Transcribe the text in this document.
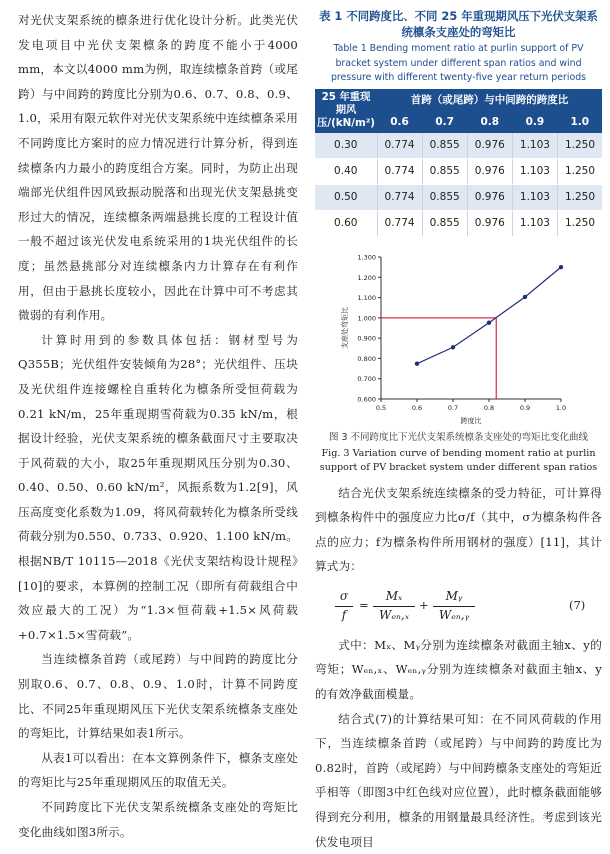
对光伏支架系统的檩条进行优化设计分析。此类光伏发电项目中光伏支架檩条的跨度不能小于4000 mm，本文以4000 mm为例，取连续檩条首跨（或尾跨）与中间跨的跨度比分别为0.6、0.7、0.8、0.9、1.0，采用有限元软件对光伏支架系统中连续檩条采用不同跨度比方案时的应力情况进行计算分析，得到连续檩条内力最小的跨度组合方案。同时，为防止出现端部光伏组件因风致振动脱落和出现光伏支架悬挑变形过大的情况，连续檩条两端悬挑长度的工程设计值一般不超过该光伏发电系统采用的1块光伏组件的长度；虽然悬挑部分对连续檩条内力计算存在有利作用，但由于悬挑长度较小，因此在计算中可不考虑其微弱的有利作用。

计算时用到的参数具体包括：钢材型号为Q355B；光伏组件安装倾角为28°；光伏组件、压块及光伏组件连接螺栓自重转化为檩条所受恒荷载为0.21 kN/m，25年重现期雪荷载为0.35 kN/m，根据设计经验，光伏支架系统的檩条截面尺寸主要取决于风荷载的大小，取25年重现期风压分别为0.30、0.40、0.50、0.60 kN/m²，风振系数为1.2[9]，风压高度变化系数为1.09，将风荷载转化为檩条所受线荷载分别为0.550、0.733、0.920、1.100 kN/m。根据NB/T 10115—2018《光伏支架结构设计规程》[10]的要求，本算例的控制工况（即所有荷载组合中效应最大的工况）为“1.3×恒荷载+1.5×风荷载+0.7×1.5×雪荷载”。

当连续檩条首跨（或尾跨）与中间跨的跨度比分别取0.6、0.7、0.8、0.9、1.0时，计算不同跨度比、不同25年重现期风压下光伏支架系统檩条支座处的弯矩比，计算结果如表1所示。

从表1可以看出：在本文算例条件下，檩条支座处的弯矩比与25年重现期风压的取值无关。

不同跨度比下光伏支架系统檩条支座处的弯矩比变化曲线如图3所示。

表 1 不同跨度比、不同 25 年重现期风压下光伏支架系统檩条支座处的弯矩比

Table 1 Bending moment ratio at purlin support of PV bracket system under different span ratios and wind pressure with different twenty-five year return periods

25 年重现期风压/(kN/m²)	首跨（或尾跨）与中间跨的跨度比				
	0.6	0.7	0.8	0.9	1.0
0.30	0.774	0.855	0.976	1.103	1.250
0.40	0.774	0.855	0.976	1.103	1.250
0.50	0.774	0.855	0.976	1.103	1.250
0.60	0.774	0.855	0.976	1.103	1.250
0.600
0.700
0.800
0.900
1.000
1.100
1.200
1.300
0.5	0.6	0.7	0.8	0.9	1.0
跨度比
支座处弯矩比

图 3 不同跨度比下光伏支架系统檩条支座处的弯矩比变化曲线

Fig. 3 Variation curve of bending moment ratio at purlin support of PV bracket system under different span ratios

结合光伏支架系统连续檩条的受力特征，可计算得到檩条构件中的强度应力比σ/f（其中，σ为檩条构件各点的应力；f为檩条构件所用钢材的强度）[11]，其计算式为：

σ
f
=
Mₓ
Wₑₙ,ₓ
+
Mᵧ
Wₑₙ,ᵧ
(7)

式中：Mₓ、Mᵧ分别为连续檩条对截面主轴x、y的弯矩；Wₑₙ,ₓ、Wₑₙ,ᵧ分别为连续檩条对截面主轴x、y的有效净截面模量。

结合式(7)的计算结果可知：在不同风荷载的作用下，当连续檩条首跨（或尾跨）与中间跨的跨度比为0.82时，首跨（或尾跨）与中间跨檩条支座处的弯矩近乎相等（即图3中红色线对应位置），此时檩条截面能够得到充分利用，檩条的用钢量最具经济性。考虑到该光伏发电项目
